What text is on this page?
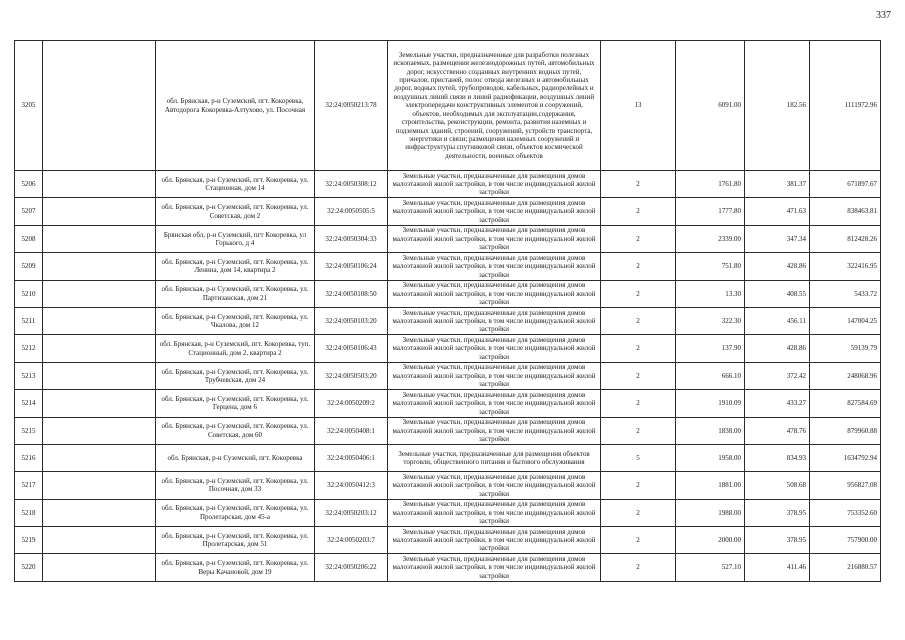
337
3205		обл. Брянская, р-н Суземский, пгт. Кокоревка, Автодорога Кокоревка-Алтухово, ул. Посочная	32:24:0050213:78	Земельные участки, предназначенные для разработки полезных ископаемых, размещения железнодорожных путей, автомобильных дорог, искусственно созданных внутренних водных путей, причалов, пристаней, полос отвода железных и автомобильных дорог, водных путей, трубопроводов, кабельных, радиорелейных и воздушных линий связи и линий радиофикации, воздушных линий электропередачи конструктивных элементов и сооружений, объектов, необходимых для эксплуатации,содержания, строительства, реконструкции, ремонта, развития наземных и подземных зданий, строений, сооружений, устройств транспорта, энергетики и связи; размещения наземных сооружений и инфраструктуры спутниковой связи, объектов космической деятельности, военных объектов	13	6091.00	182.56	1111972.96
5206		обл. Брянская, р-н Суземский, пгт. Кокоревка, ул. Стационная, дом 14	32:24:0050308:12	Земельные участки, предназначенные для размещения домов малоэтажной жилой застройки, в том числе индивидуальной жилой застройки	2	1761.80	381.37	671897.67
5207		обл. Брянская, р-н Суземский, пгт. Кокоревка, ул. Советская, дом 2	32:24:0050505:5	Земельные участки, предназначенные для размещения домов малоэтажной жилой застройки, в том числе индивидуальной жилой застройки	2	1777.80	471.63	838463.81
5208		Брянская обл, р-н Суземский, пгт Кокоревка, ул Горького, д 4	32:24:0050304:33	Земельные участки, предназначенные для размещения домов малоэтажной жилой застройки, в том числе индивидуальной жилой застройки	2	2339.00	347.34	812428.26
5209		обл. Брянская, р-н Суземский, пгт. Кокоревка, ул. Ленина, дом 14, квартира 2	32:24:0050106:24	Земельные участки, предназначенные для размещения домов малоэтажной жилой застройки, в том числе индивидуальной жилой застройки	2	751.80	428.86	322416.95
5210		обл. Брянская, р-н Суземский, пгт. Кокоревка, ул. Партизанская, дом 21	32:24:0050108:50	Земельные участки, предназначенные для размещения домов малоэтажной жилой застройки, в том числе индивидуальной жилой застройки	2	13.30	408.55	5433.72
5211		обл. Брянская, р-н Суземский, пгт. Кокоревка, ул. Чкалова, дом 12	32:24:0050103:20	Земельные участки, предназначенные для размещения домов малоэтажной жилой застройки, в том числе индивидуальной жилой застройки	2	322.30	456.11	147004.25
5212		обл. Брянская, р-н Суземский, пгт. Кокоревка, туп. Стационный, дом 2, квартира 2	32:24:0050106:43	Земельные участки, предназначенные для размещения домов малоэтажной жилой застройки, в том числе индивидуальной жилой застройки	2	137.90	428.86	59139.79
5213		обл. Брянская, р-н Суземский, пгт. Кокоревка, ул. Трубчевская, дом 24	32:24:0050503:20	Земельные участки, предназначенные для размещения домов малоэтажной жилой застройки, в том числе индивидуальной жилой застройки	2	666.10	372.42	248068.96
5214		обл. Брянская, р-н Суземский, пгт. Кокоревка, ул. Герцена, дом 6	32:24:0050209:2	Земельные участки, предназначенные для размещения домов малоэтажной жилой застройки, в том числе индивидуальной жилой застройки	2	1910.09	433.27	827584.69
5215		обл. Брянская, р-н Суземский, пгт. Кокоревка, ул. Советская, дом 60	32:24:0050408:1	Земельные участки, предназначенные для размещения домов малоэтажной жилой застройки, в том числе индивидуальной жилой застройки	2	1838.00	478.76	879960.88
5216		обл. Брянская, р-н Суземский, пгт. Кокоревка	32:24:0050406:1	Земельные участки, предназначенные для размещения объектов торговли, общественного питания и бытового обслуживания	5	1958.00	834.93	1634792.94
5217		обл. Брянская, р-н Суземский, пгт. Кокоревка, ул. Посочная, дом 33	32:24:0050412:3	Земельные участки, предназначенные для размещения домов малоэтажной жилой застройки, в том числе индивидуальной жилой застройки	2	1881.00	508.68	956827.08
5218		обл. Брянская, р-н Суземский, пгт. Кокоревка, ул. Пролетарская, дом 45-а	32:24:0050203:12	Земельные участки, предназначенные для размещения домов малоэтажной жилой застройки, в том числе индивидуальной жилой застройки	2	1988.00	378.95	753352.60
5219		обл. Брянская, р-н Суземский, пгт. Кокоревка, ул. Пролетарская, дом 51	32:24:0050203:7	Земельные участки, предназначенные для размещения домов малоэтажной жилой застройки, в том числе индивидуальной жилой застройки	2	2000.00	378.95	757900.00
5220		обл. Брянская, р-н Суземский, пгт. Кокоревка, ул. Веры Качановой, дом 19	32:24:0050206:22	Земельные участки, предназначенные для размещения домов малоэтажной жилой застройки, в том числе индивидуальной жилой застройки	2	527.10	411.46	216880.57
